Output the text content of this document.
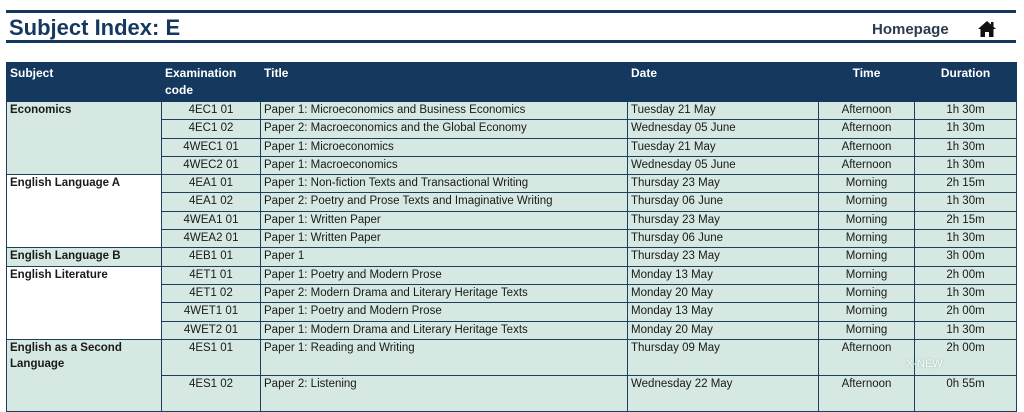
Subject Index: E	Homepage
Subject	Examination code	Title	Date	Time	Duration
Economics	4EC1 01	Paper 1: Microeconomics and Business Economics	Tuesday 21 May	Afternoon	1h 30m
	4EC1 02	Paper 2: Macroeconomics and the Global Economy	Wednesday 05 June	Afternoon	1h 30m
	4WEC1 01	Paper 1: Microeconomics	Tuesday 21 May	Afternoon	1h 30m
	4WEC2 01	Paper 1: Macroeconomics	Wednesday 05 June	Afternoon	1h 30m
English Language A	4EA1 01	Paper 1: Non-fiction Texts and Transactional Writing	Thursday 23 May	Morning	2h 15m
	4EA1 02	Paper 2: Poetry and Prose Texts and Imaginative Writing	Thursday 06 June	Morning	1h 30m
	4WEA1 01	Paper 1: Written Paper	Thursday 23 May	Morning	2h 15m
	4WEA2 01	Paper 1: Written Paper	Thursday 06 June	Morning	1h 30m
English Language B	4EB1 01	Paper 1	Thursday 23 May	Morning	3h 00m
English Literature	4ET1 01	Paper 1: Poetry and Modern Prose	Monday 13 May	Morning	2h 00m
	4ET1 02	Paper 2: Modern Drama and Literary Heritage Texts	Monday 20 May	Morning	1h 30m
	4WET1 01	Paper 1: Poetry and Modern Prose	Monday 13 May	Morning	2h 00m
	4WET2 01	Paper 1: Modern Drama and Literary Heritage Texts	Monday 20 May	Morning	1h 30m
English as a Second Language	4ES1 01	Paper 1: Reading and Writing	Thursday 09 May	Afternoon	2h 00m
	4ES1 02	Paper 2: Listening	Wednesday 22 May	Afternoon	0h 55m
X-NEW
